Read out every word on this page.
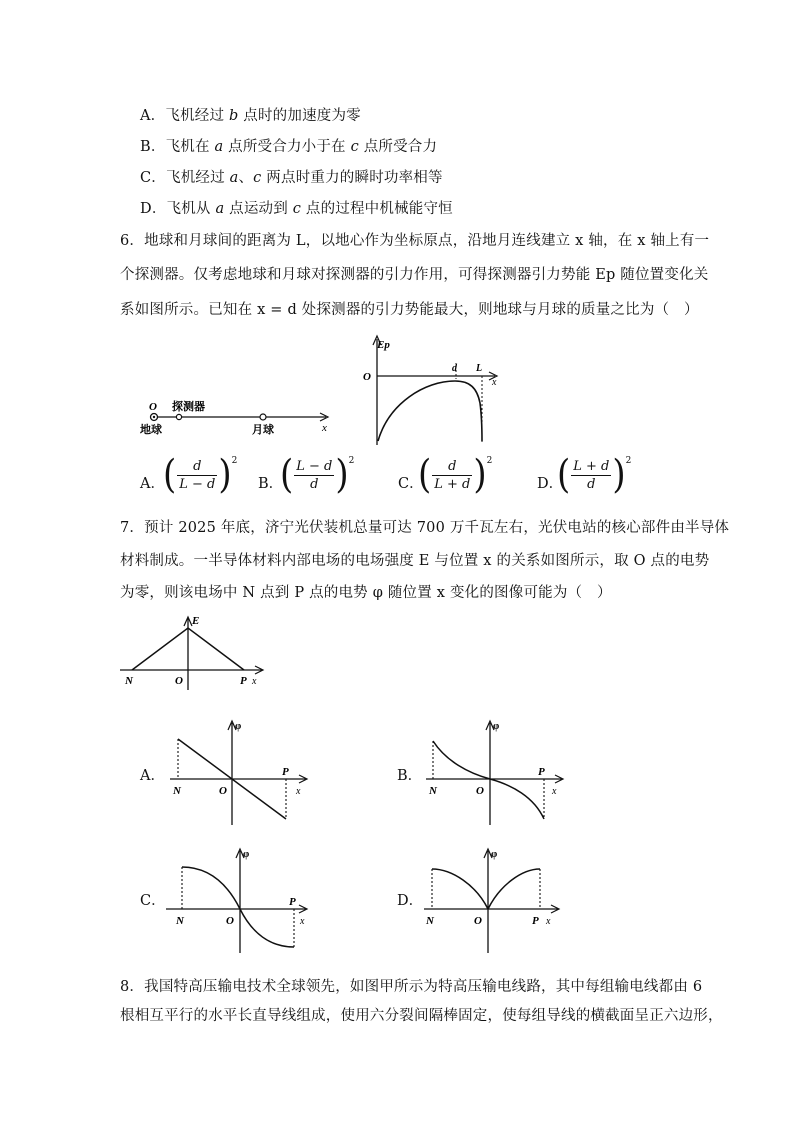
A．飞机经过 b 点时的加速度为零
B．飞机在 a 点所受合力小于在 c 点所受合力
C．飞机经过 a、c 两点时重力的瞬时功率相等
D．飞机从 a 点运动到 c 点的过程中机械能守恒
6．地球和月球间的距离为 L，以地心作为坐标原点，沿地月连线建立 x 轴，在 x 轴上有一
个探测器。仅考虑地球和月球对探测器的引力作用，可得探测器引力势能 Ep 随位置变化关
系如图所示。已知在 x = d 处探测器的引力势能最大，则地球与月球的质量之比为（　）
O 探测器
地球	月球	x
Ep
O
d L
x
A．
( $\frac{d}{L - d}$ ) 2
B．
( $\frac{L - d}{d}$ ) 2
C．
( $\frac{d}{L + d}$ ) 2
D．
( $\frac{L + d}{d}$ ) 2
7．预计 2025 年底，济宁光伏装机总量可达 700 万千瓦左右，光伏电站的核心部件由半导体
材料制成。一半导体材料内部电场的电场强度 E 与位置 x 的关系如图所示，取 O 点的电势
为零，则该电场中 N 点到 P 点的电势 φ 随位置 x 变化的图像可能为（　）
E
N	O	P x
A．	B．
C．	D．
φ
N	O
P
x
φ
N	O
P
x
φ
N	O
P
x
φ
N	O	P x
8．我国特高压输电技术全球领先，如图甲所示为特高压输电线路，其中每组输电线都由 6
根相互平行的水平长直导线组成，使用六分裂间隔棒固定，使每组导线的横截面呈正六边形，
